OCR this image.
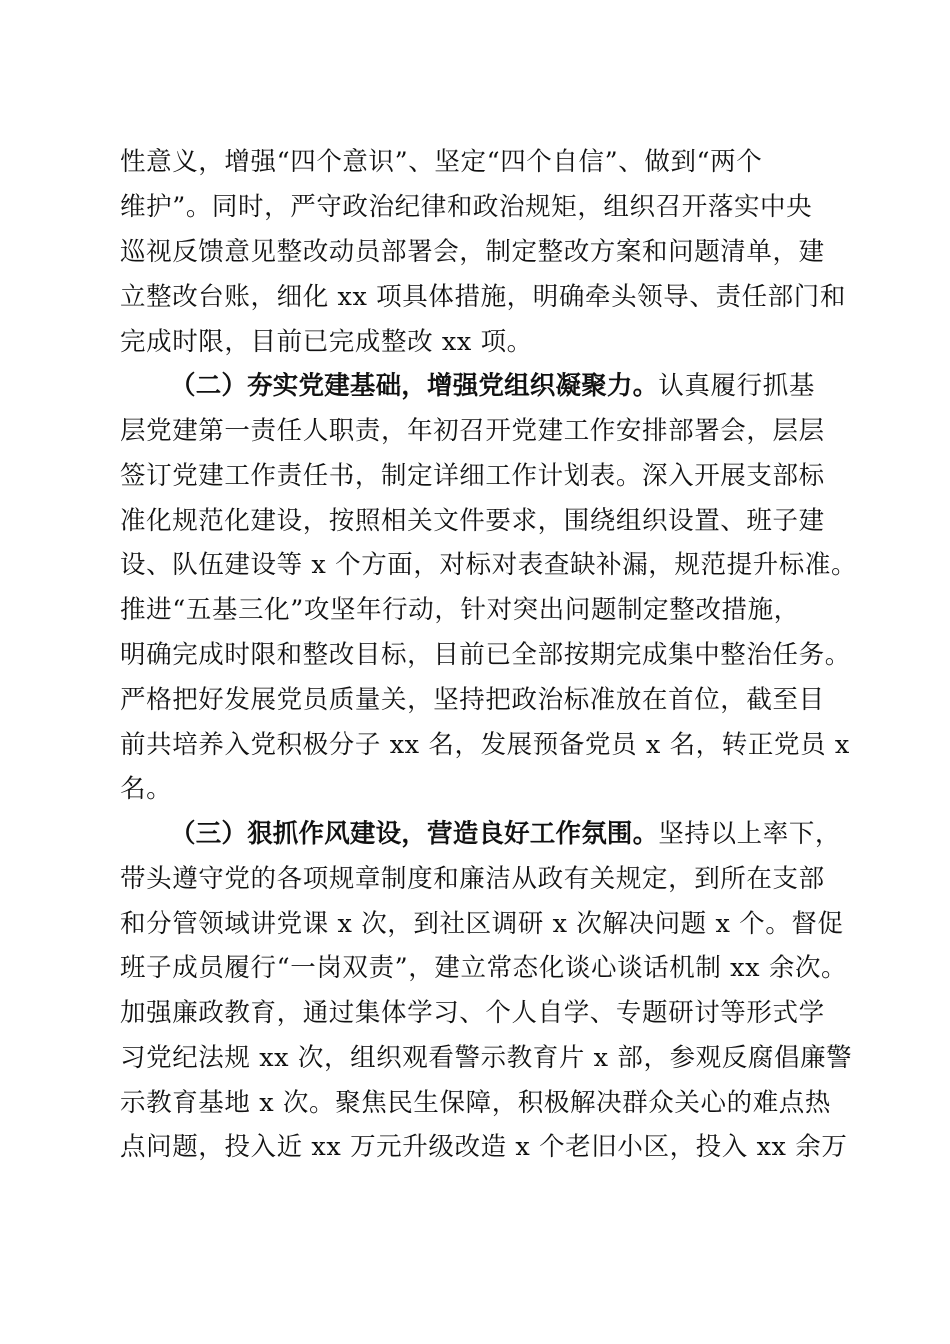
性意义，增强“四个意识”、坚定“四个自信”、做到“两个
维护”。同时，严守政治纪律和政治规矩，组织召开落实中央
巡视反馈意见整改动员部署会，制定整改方案和问题清单，建
立整改台账，细化 xx 项具体措施，明确牵头领导、责任部门和
完成时限，目前已完成整改 xx 项。
（二）夯实党建基础，增强党组织凝聚力。认真履行抓基
层党建第一责任人职责，年初召开党建工作安排部署会，层层
签订党建工作责任书，制定详细工作计划表。深入开展支部标
准化规范化建设，按照相关文件要求，围绕组织设置、班子建
设、队伍建设等 x 个方面，对标对表查缺补漏，规范提升标准。
推进“五基三化”攻坚年行动，针对突出问题制定整改措施，
明确完成时限和整改目标，目前已全部按期完成集中整治任务。
严格把好发展党员质量关，坚持把政治标准放在首位，截至目
前共培养入党积极分子 xx 名，发展预备党员 x 名，转正党员 x
名。
（三）狠抓作风建设，营造良好工作氛围。坚持以上率下，
带头遵守党的各项规章制度和廉洁从政有关规定，到所在支部
和分管领域讲党课 x 次，到社区调研 x 次解决问题 x 个。督促
班子成员履行“一岗双责”，建立常态化谈心谈话机制 xx 余次。
加强廉政教育，通过集体学习、个人自学、专题研讨等形式学
习党纪法规 xx 次，组织观看警示教育片 x 部，参观反腐倡廉警
示教育基地 x 次。聚焦民生保障，积极解决群众关心的难点热
点问题，投入近 xx 万元升级改造 x 个老旧小区，投入 xx 余万
